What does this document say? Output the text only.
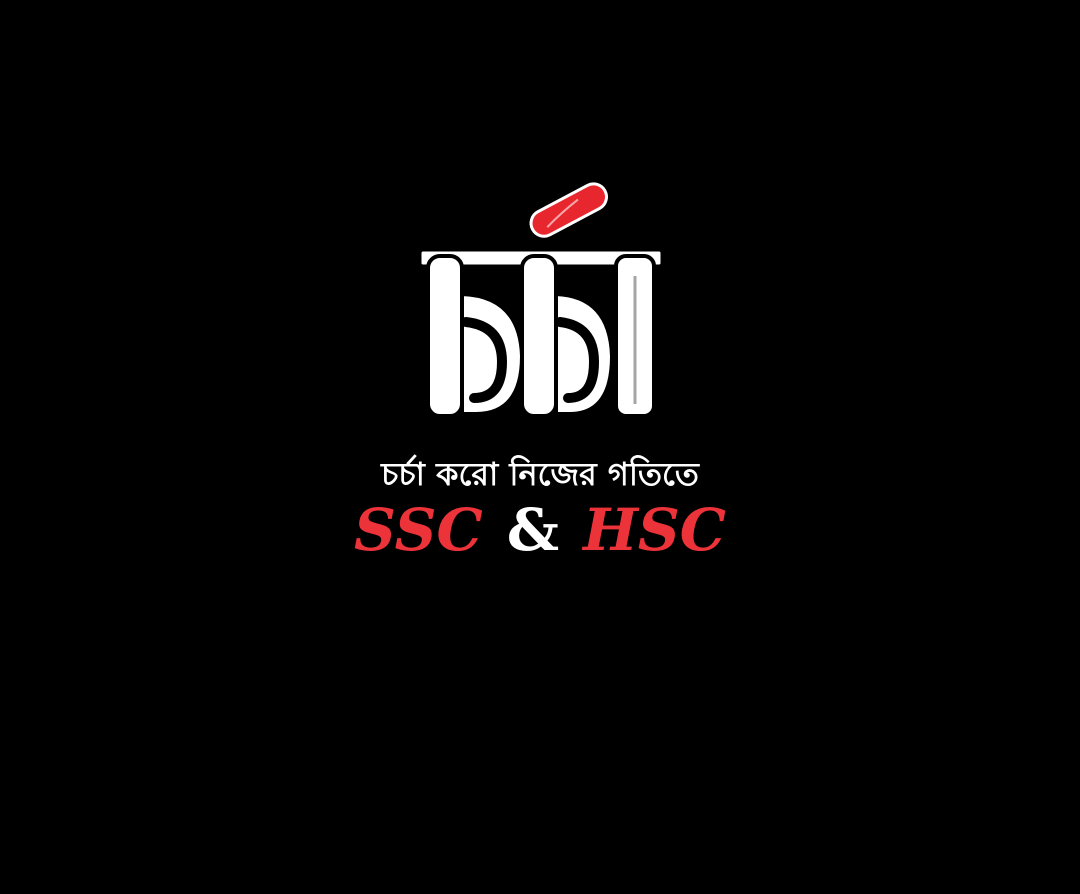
চর্চা করো নিজের গতিতে
SSC & HSC
